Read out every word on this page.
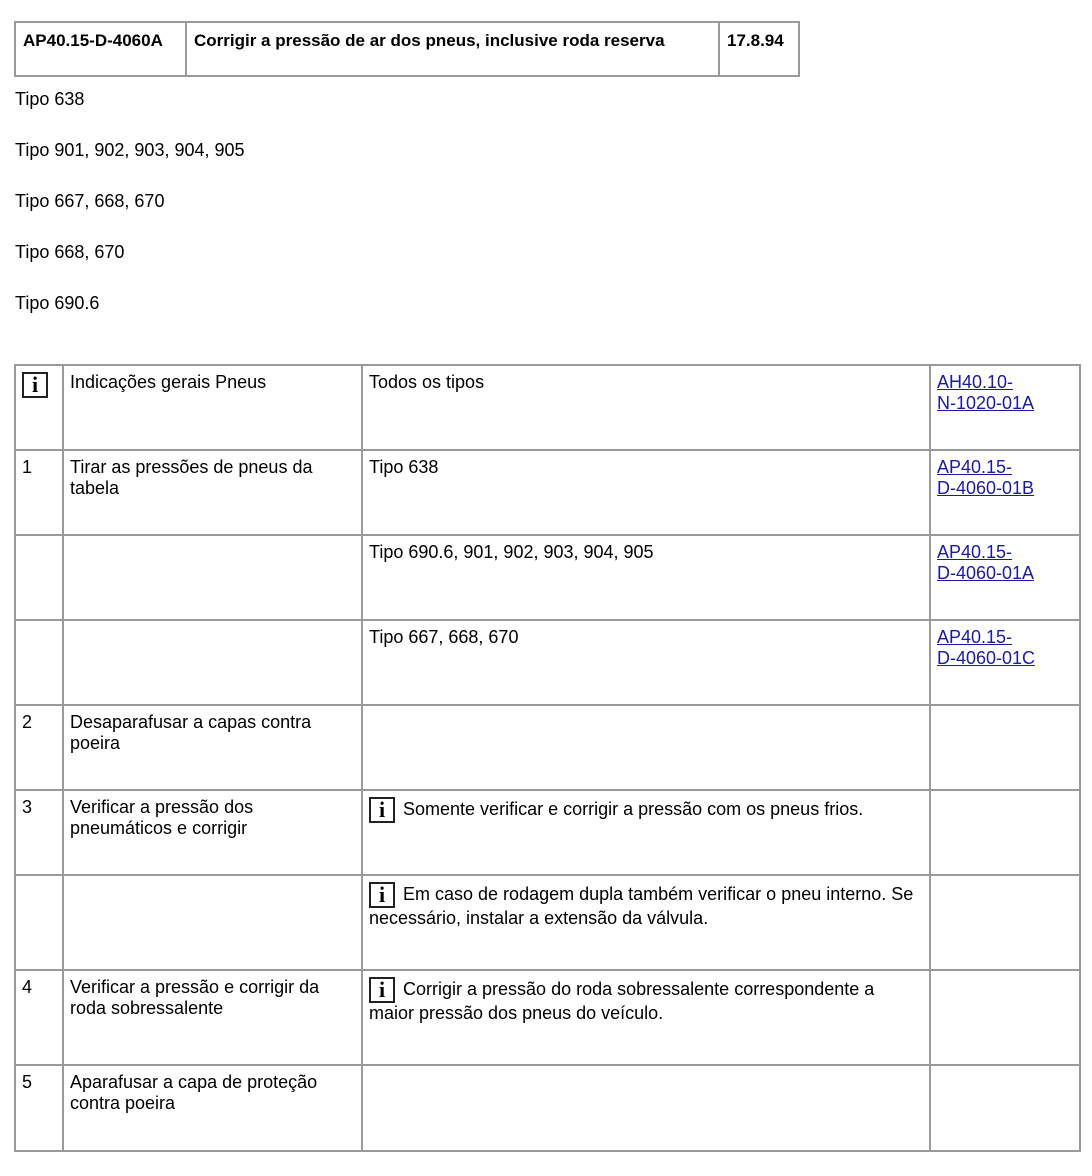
AP40.15-D-4060A	Corrigir a pressão de ar dos pneus, inclusive roda reserva	17.8.94
Tipo 638
Tipo 901, 902, 903, 904, 905
Tipo 667, 668, 670
Tipo 668, 670
Tipo 690.6
i	Indicações gerais Pneus	Todos os tipos	AH40.10-
N-1020-01A
1	Tirar as pressões de pneus da tabela	Tipo 638	AP40.15-
D-4060-01B
		Tipo 690.6, 901, 902, 903, 904, 905	AP40.15-
D-4060-01A
		Tipo 667, 668, 670	AP40.15-
D-4060-01C
2	Desaparafusar a capas contra poeira		
3	Verificar a pressão dos pneumáticos e corrigir	i Somente verificar e corrigir a pressão com os pneus frios.	
		i Em caso de rodagem dupla também verificar o pneu interno. Se necessário, instalar a extensão da válvula.	
4	Verificar a pressão e corrigir da roda sobressalente	i Corrigir a pressão do roda sobressalente correspondente a maior pressão dos pneus do veículo.	
5	Aparafusar a capa de proteção contra poeira		
